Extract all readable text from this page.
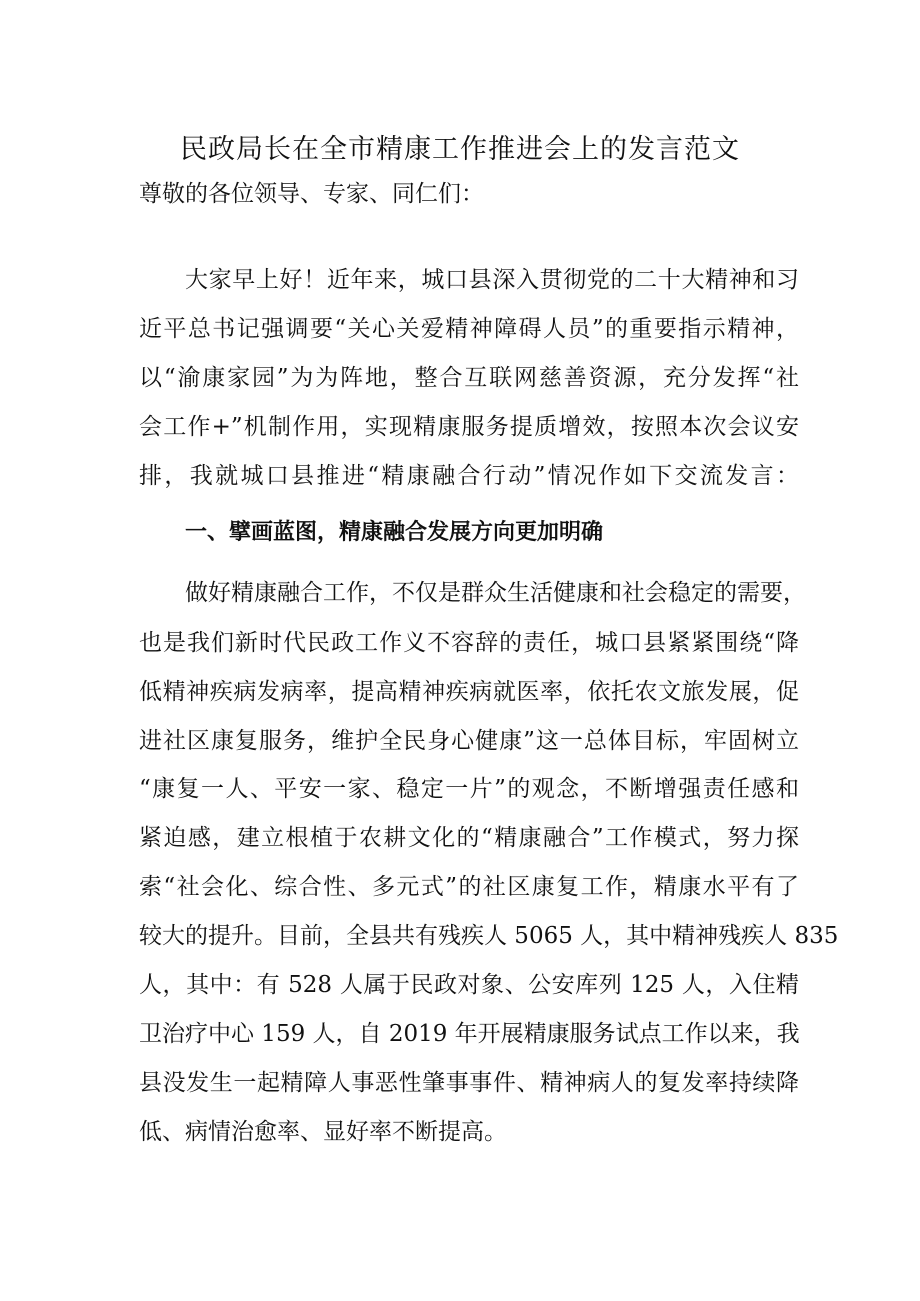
民政局长在全市精康工作推进会上的发言范文
尊敬的各位领导、专家、同仁们：
大家早上好！近年来，城口县深入贯彻党的二十大精神和习
近平总书记强调要“关心关爱精神障碍人员”的重要指示精神，
以“渝康家园”为为阵地，整合互联网慈善资源，充分发挥“社
会工作+”机制作用，实现精康服务提质增效，按照本次会议安
排，我就城口县推进“精康融合行动”情况作如下交流发言：
一、擘画蓝图，精康融合发展方向更加明确
做好精康融合工作，不仅是群众生活健康和社会稳定的需要，
也是我们新时代民政工作义不容辞的责任，城口县紧紧围绕“降
低精神疾病发病率，提高精神疾病就医率，依托农文旅发展，促
进社区康复服务，维护全民身心健康”这一总体目标，牢固树立
“康复一人、平安一家、稳定一片”的观念，不断增强责任感和
紧迫感，建立根植于农耕文化的“精康融合”工作模式，努力探
索“社会化、综合性、多元式”的社区康复工作，精康水平有了
较大的提升。目前，全县共有残疾人 5065 人，其中精神残疾人 835
人，其中：有 528 人属于民政对象、公安库列 125 人，入住精
卫治疗中心 159 人，自 2019 年开展精康服务试点工作以来，我
县没发生一起精障人事恶性肇事事件、精神病人的复发率持续降
低、病情治愈率、显好率不断提高。
